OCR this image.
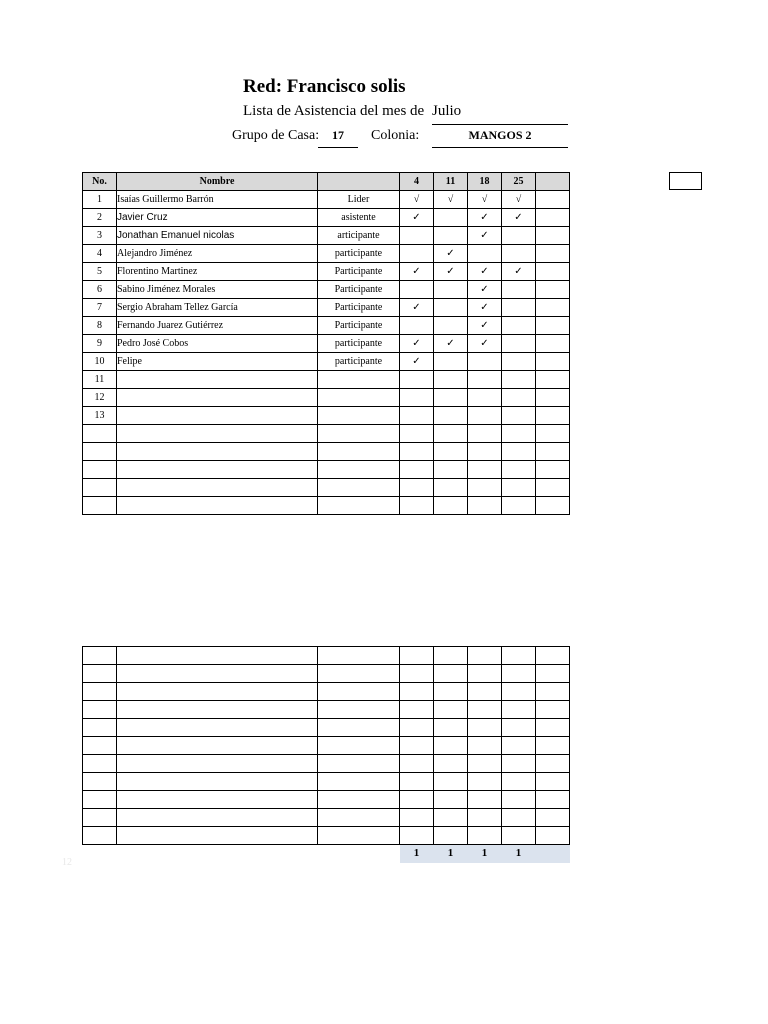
Red: Francisco solis
Lista de Asistencia del mes de Julio
Grupo de Casa:	17	Colonia:	MANGOS 2
No.	Nombre		4	11	18	25	
1	Isaías Guillermo Barrón	Lider	√	√	√	√	
2	Javier Cruz	asistente	✓		✓	✓	
3	Jonathan Emanuel nicolas	articipante			✓		
4	Alejandro Jiménez	participante		✓			
5	Florentino Martinez	Participante	✓	✓	✓	✓	
6	Sabino Jiménez Morales	Participante			✓		
7	Sergio Abraham Tellez García	Participante	✓		✓		
8	Fernando Juarez Gutiérrez	Participante			✓		
9	Pedro José Cobos	participante	✓	✓	✓		
10	Felipe	participante	✓				
11							
12							
13							

			1	1	1	1	
12
